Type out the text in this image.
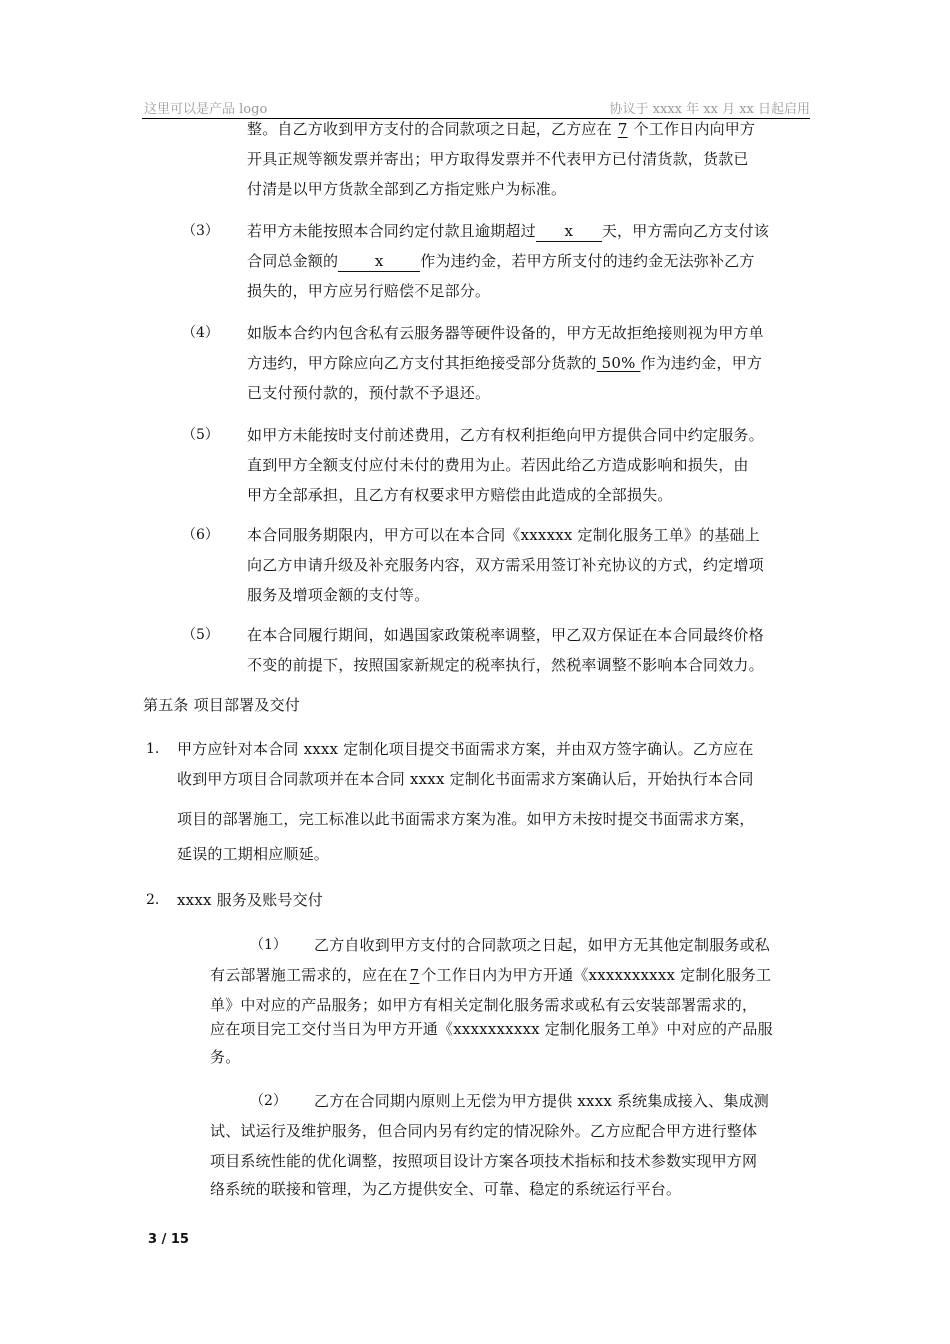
这里可以是产品 logo	协议于 xxxx 年 xx 月 xx 日起启用
整。自乙方收到甲方支付的合同款项之日起，乙方应在 7 个工作日内向甲方
开具正规等额发票并寄出；甲方取得发票并不代表甲方已付清货款，货款已
付清是以甲方货款全部到乙方指定账户为标准。
（3） 若甲方未能按照本合同约定付款且逾期超过 x 天，甲方需向乙方支付该
合同总金额的 x 作为违约金，若甲方所支付的违约金无法弥补乙方
损失的，甲方应另行赔偿不足部分。
（4） 如版本合约内包含私有云服务器等硬件设备的，甲方无故拒绝接则视为甲方单
方违约，甲方除应向乙方支付其拒绝接受部分货款的 50% 作为违约金，甲方
已支付预付款的，预付款不予退还。
（5） 如甲方未能按时支付前述费用，乙方有权利拒绝向甲方提供合同中约定服务。
直到甲方全额支付应付未付的费用为止。若因此给乙方造成影响和损失，由
甲方全部承担，且乙方有权要求甲方赔偿由此造成的全部损失。
（6） 本合同服务期限内，甲方可以在本合同《xxxxxx 定制化服务工单》的基础上
向乙方申请升级及补充服务内容，双方需采用签订补充协议的方式，约定增项
服务及增项金额的支付等。
（5） 在本合同履行期间，如遇国家政策税率调整，甲乙双方保证在本合同最终价格
不变的前提下，按照国家新规定的税率执行，然税率调整不影响本合同效力。
第五条 项目部署及交付
1. 甲方应针对本合同 xxxx 定制化项目提交书面需求方案，并由双方签字确认。乙方应在
收到甲方项目合同款项并在本合同 xxxx 定制化书面需求方案确认后，开始执行本合同
项目的部署施工，完工标准以此书面需求方案为准。如甲方未按时提交书面需求方案，
延误的工期相应顺延。
2. xxxx 服务及账号交付
（1） 乙方自收到甲方支付的合同款项之日起，如甲方无其他定制服务或私
有云部署施工需求的，应在在 7 个工作日内为甲方开通《xxxxxxxxxx 定制化服务工
单》中对应的产品服务；如甲方有相关定制化服务需求或私有云安装部署需求的，
应在项目完工交付当日为甲方开通《xxxxxxxxxx 定制化服务工单》中对应的产品服
务。
（2） 乙方在合同期内原则上无偿为甲方提供 xxxx 系统集成接入、集成测
试、试运行及维护服务，但合同内另有约定的情况除外。乙方应配合甲方进行整体
项目系统性能的优化调整，按照项目设计方案各项技术指标和技术参数实现甲方网
络系统的联接和管理，为乙方提供安全、可靠、稳定的系统运行平台。
3 / 15
